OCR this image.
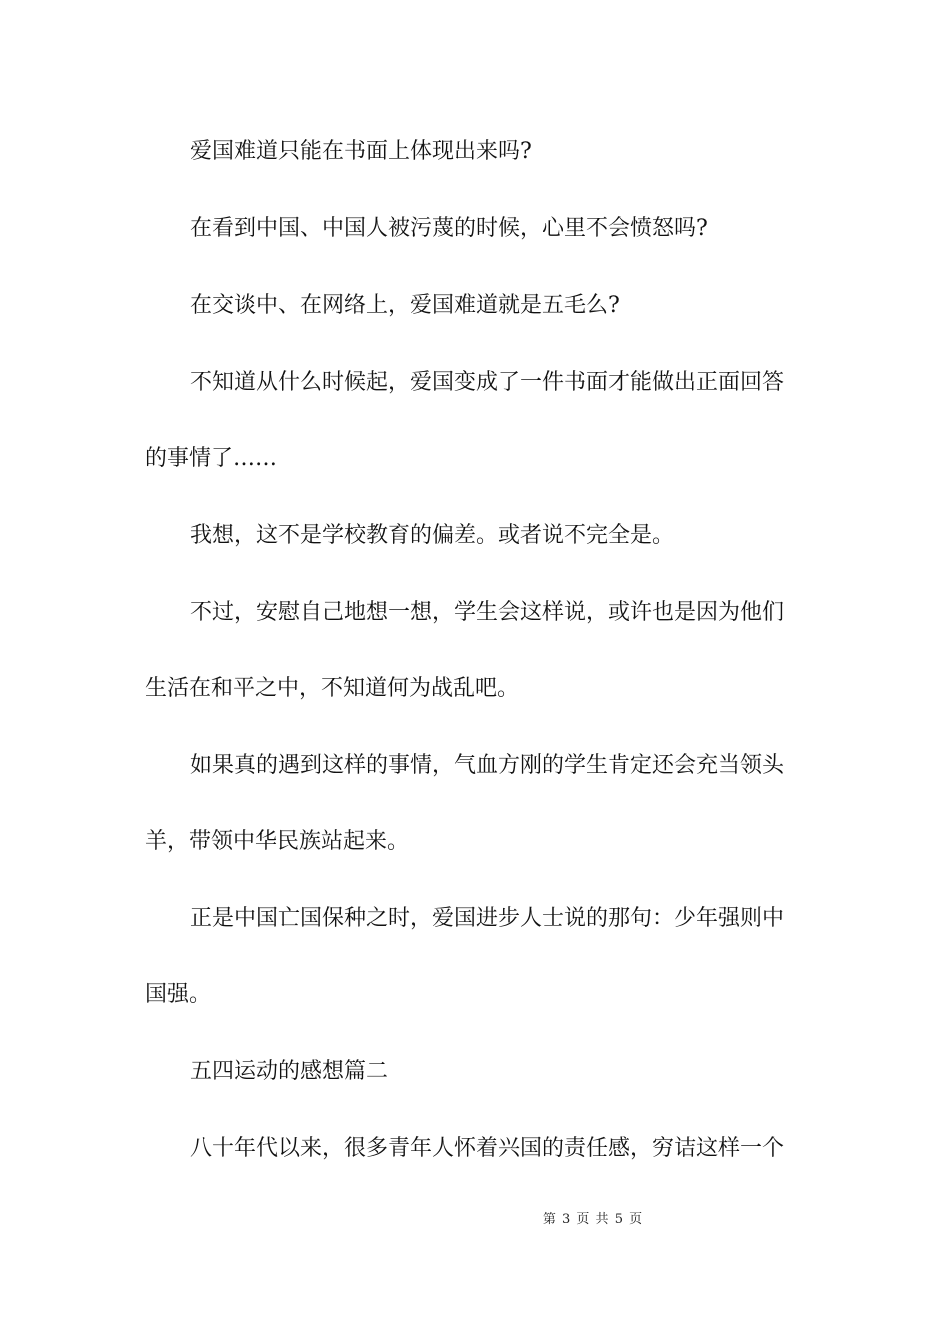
爱国难道只能在书面上体现出来吗?

在看到中国、中国人被污蔑的时候，心里不会愤怒吗?

在交谈中、在网络上，爱国难道就是五毛么?

不知道从什么时候起，爱国变成了一件书面才能做出正面回答
的事情了……

我想，这不是学校教育的偏差。或者说不完全是。

不过，安慰自己地想一想，学生会这样说，或许也是因为他们
生活在和平之中，不知道何为战乱吧。

如果真的遇到这样的事情，气血方刚的学生肯定还会充当领头
羊，带领中华民族站起来。

正是中国亡国保种之时，爱国进步人士说的那句：少年强则中
国强。

五四运动的感想篇二

八十年代以来，很多青年人怀着兴国的责任感，穷诘这样一个

第 3 页 共 5 页
